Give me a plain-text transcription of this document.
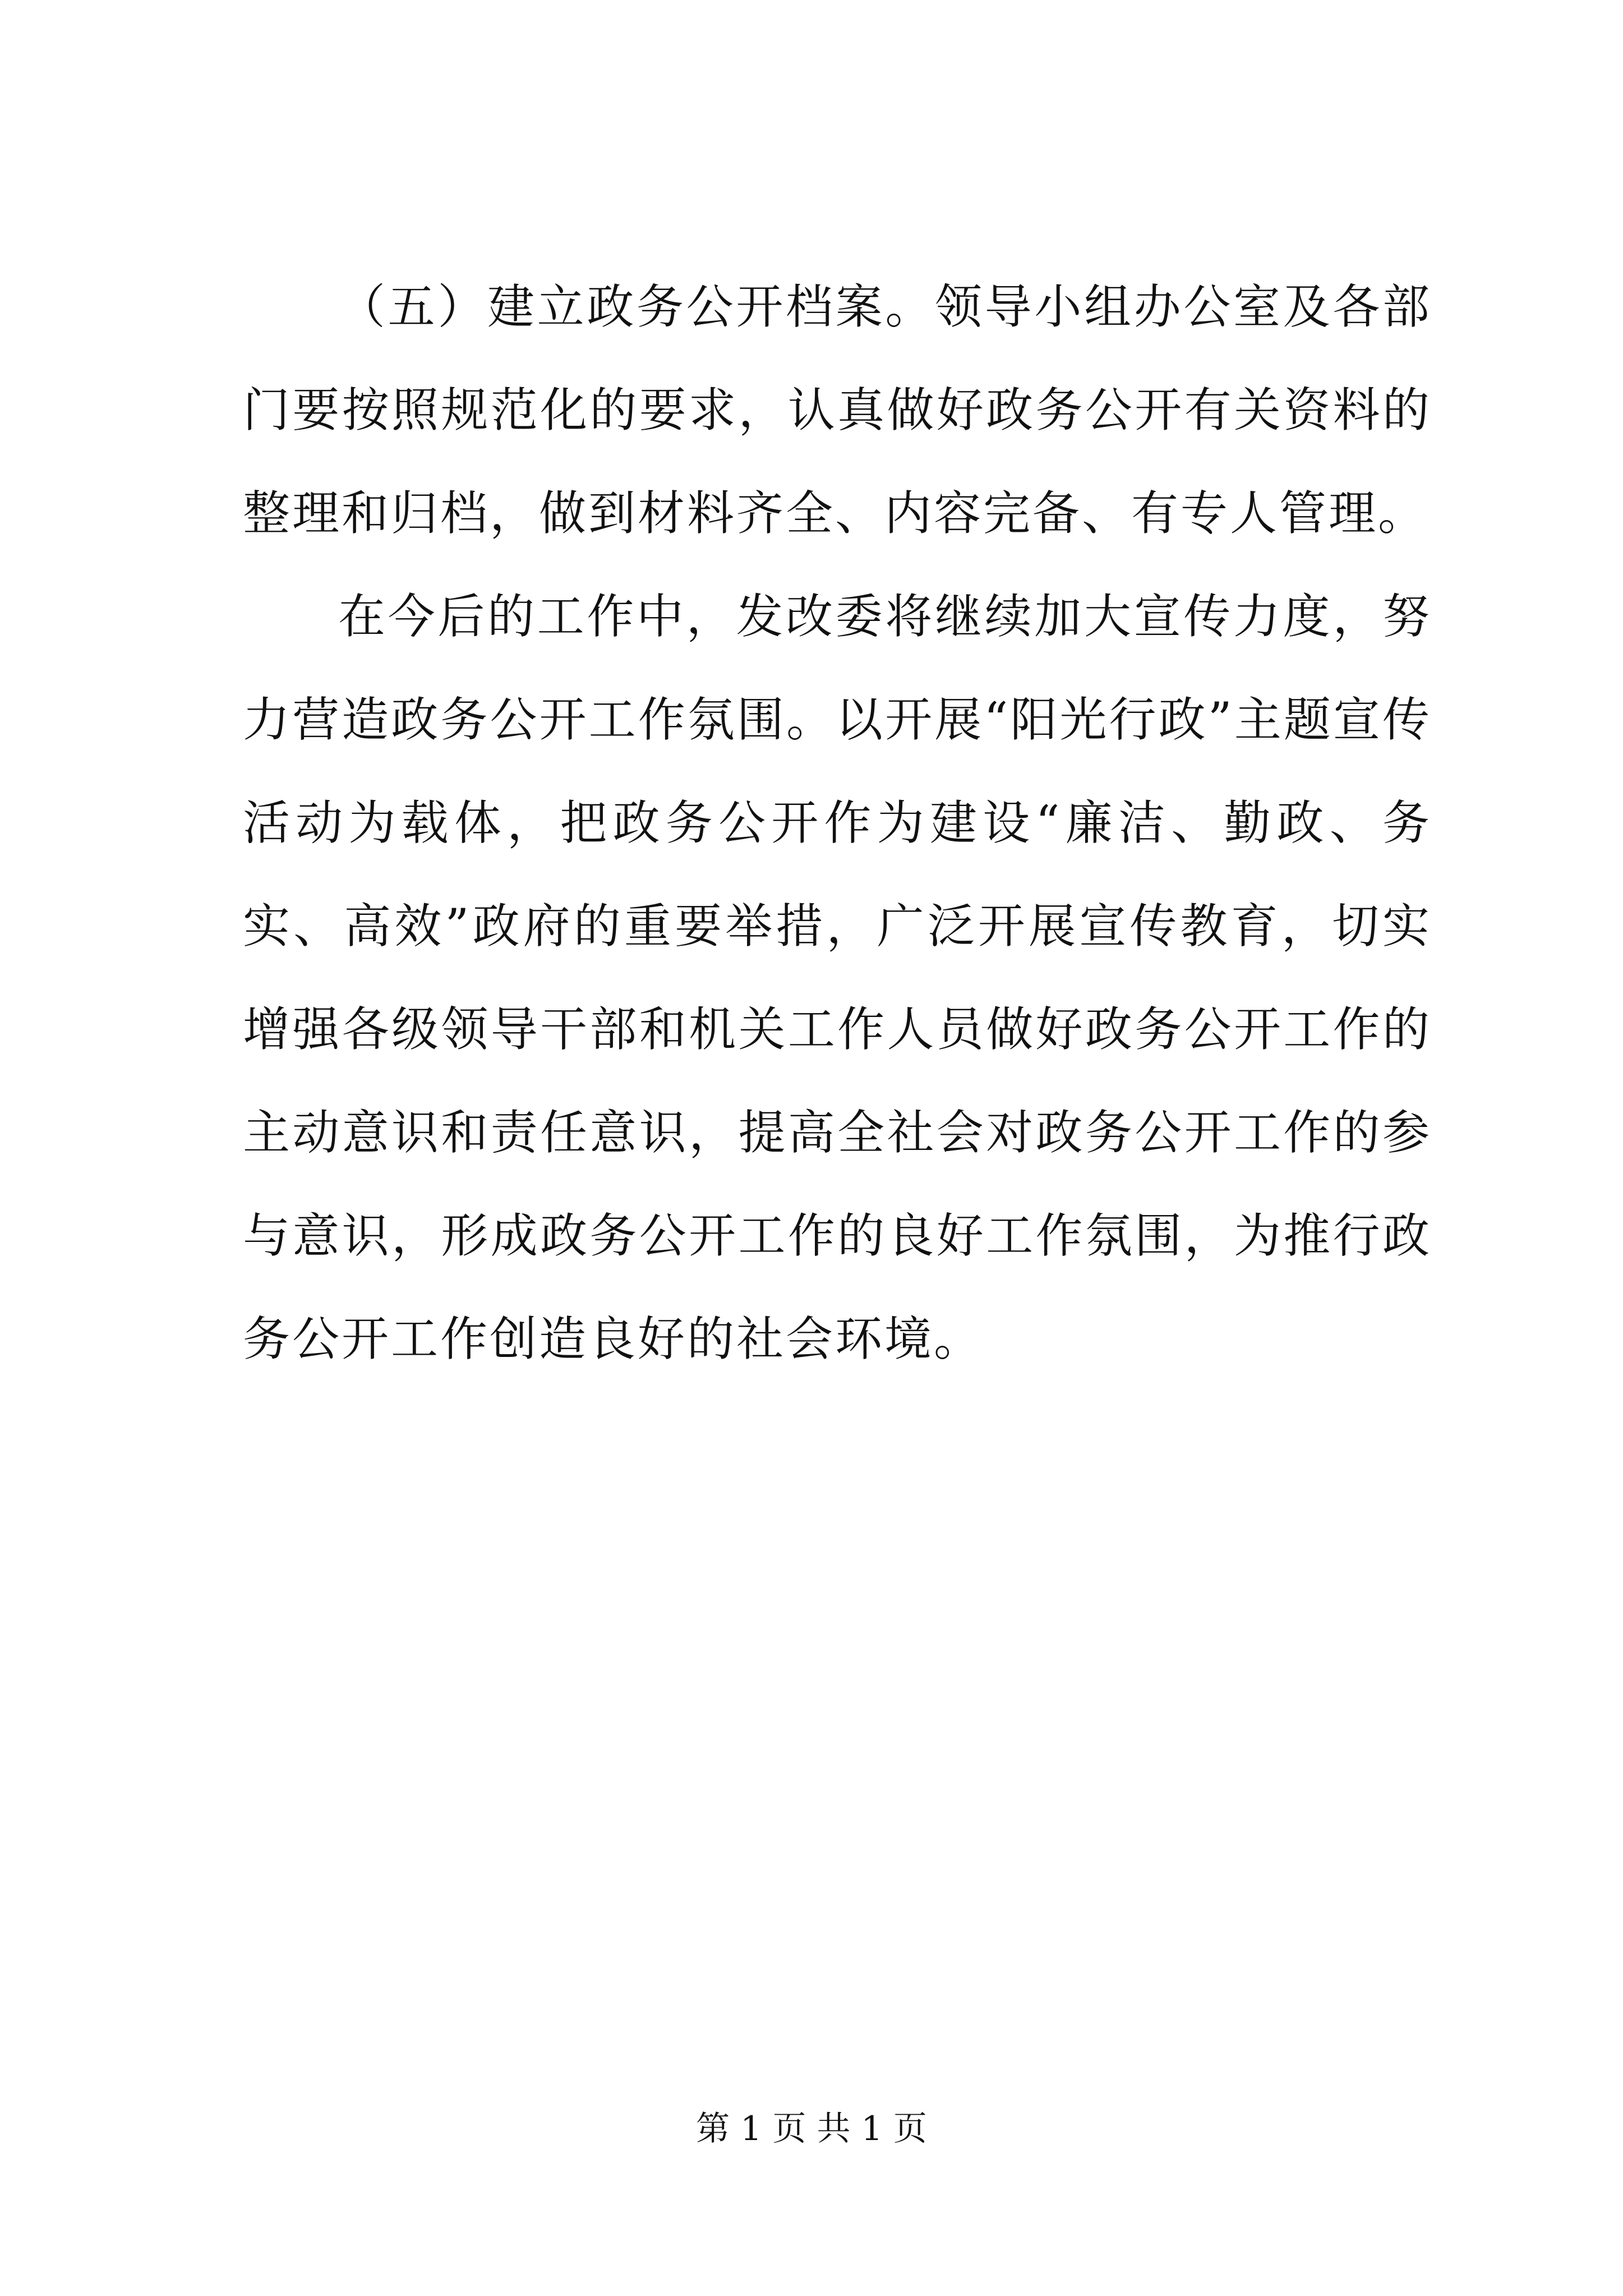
（五）建立政务公开档案。领导小组办公室及各部门要按照规范化的要求，认真做好政务公开有关资料的整理和归档，做到材料齐全、内容完备、有专人管理。

在今后的工作中，发改委将继续加大宣传力度，努力营造政务公开工作氛围。以开展“阳光行政”主题宣传活动为载体，把政务公开作为建设“廉洁、勤政、务实、高效”政府的重要举措，广泛开展宣传教育，切实增强各级领导干部和机关工作人员做好政务公开工作的主动意识和责任意识，提高全社会对政务公开工作的参与意识，形成政务公开工作的良好工作氛围，为推行政务公开工作创造良好的社会环境。

第 1 页 共 1 页
